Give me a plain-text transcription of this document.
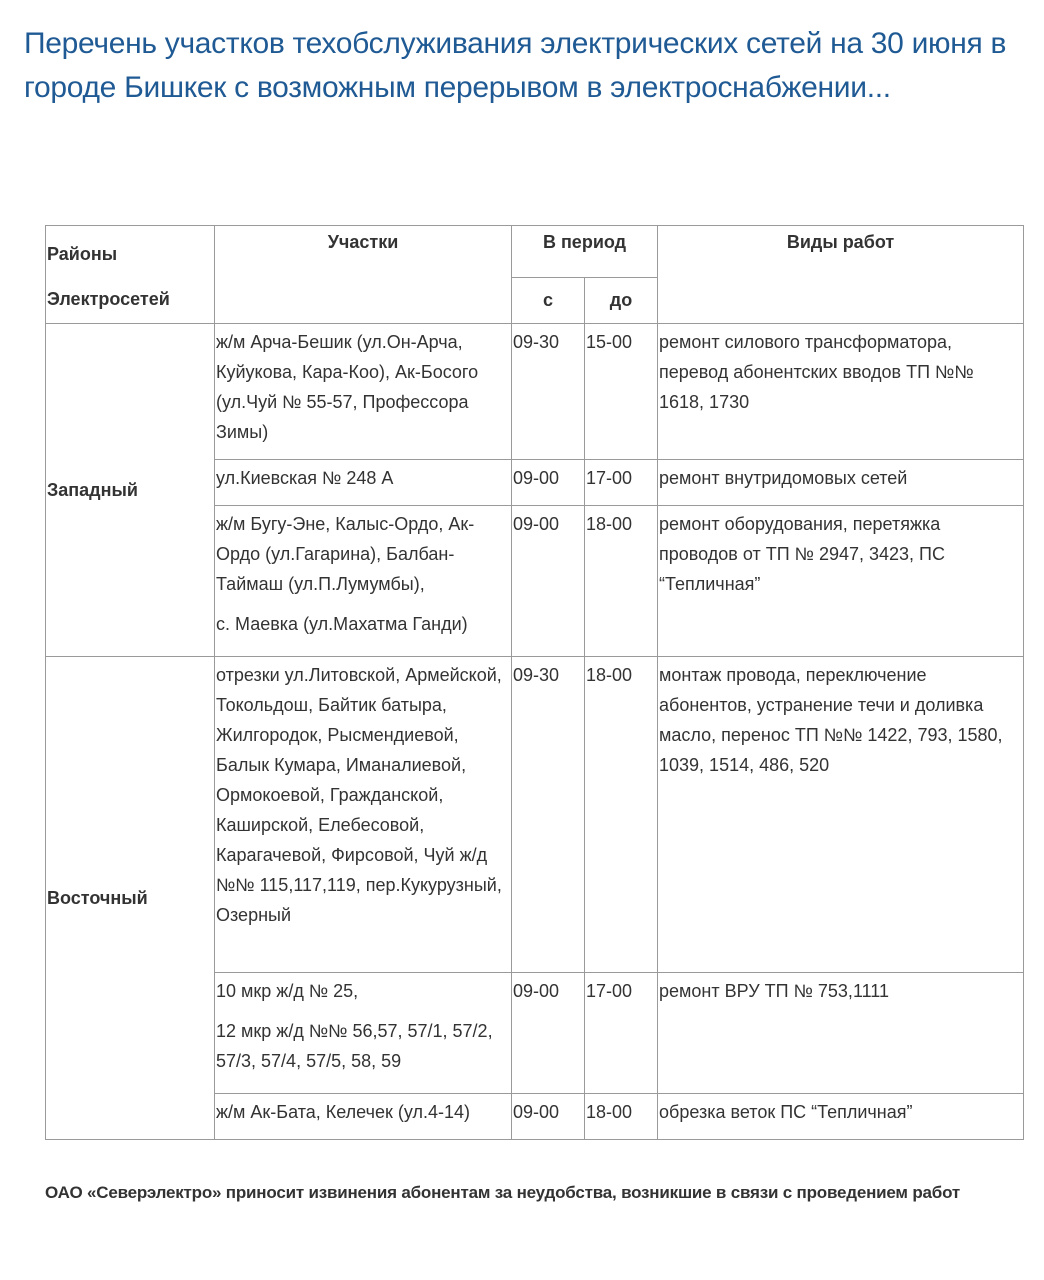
Перечень участков техобслуживания электрических сетей на 30 июня в городе Бишкек с возможным перерывом в электроснабжении...
Районы
Электросетей	Участки	В период		Виды работ
		с	до	
Западный	ж/м Арча-Бешик (ул.Он-Арча, Куйукова, Кара-Коо), Ак-Босого (ул.Чуй № 55-57, Профессора Зимы)	09-30	15-00	ремонт силового трансформатора, перевод абонентских вводов ТП №№ 1618, 1730

	ул.Киевская № 248 А	09-00	17-00	ремонт внутридомовых сетей

	ж/м Бугу-Эне, Калыс-Ордо, Ак-Ордо (ул.Гагарина), Балбан-Таймаш (ул.П.Лумумбы),
с. Маевка (ул.Махатма Ганди)	09-00	18-00	ремонт оборудования, перетяжка проводов от ТП № 2947, 3423, ПС “Тепличная”
Восточный	отрезки ул.Литовской, Армейской, Токольдош, Байтик батыра, Жилгородок, Рысмендиевой, Балык Кумара, Иманалиевой, Ормокоевой, Гражданской, Каширской, Елебесовой, Карагачевой, Фирсовой, Чуй ж/д №№ 115,117,119, пер.Кукурузный, Озерный	09-30	18-00	монтаж провода, переключение абонентов, устранение течи и доливка масло, перенос ТП №№ 1422, 793, 1580, 1039, 1514, 486, 520

	10 мкр ж/д № 25,
12 мкр ж/д №№ 56,57, 57/1, 57/2, 57/3, 57/4, 57/5, 58, 59	09-00	17-00	ремонт ВРУ ТП № 753,1111

	ж/м Ак-Бата, Келечек (ул.4-14)	09-00	18-00	обрезка веток ПС “Тепличная”

ОАО «Северэлектро» приносит извинения абонентам за неудобства, возникшие в связи с проведением работ
